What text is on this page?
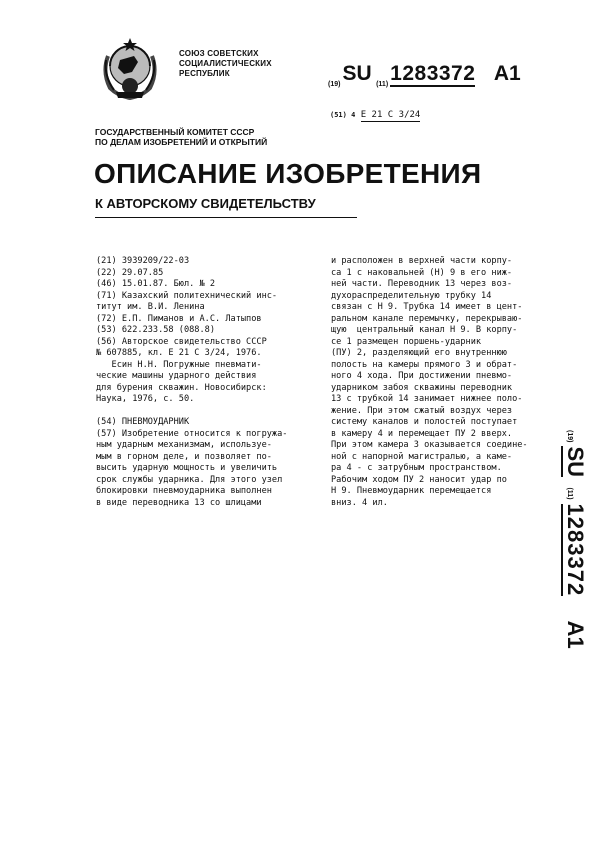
СОЮЗ СОВЕТСКИХ
СОЦИАЛИСТИЧЕСКИХ
РЕСПУБЛИК
$_{(19)}$SU $_{(11)}$1283372 A1
(51) 4 Е 21 С 3/24
ГОСУДАРСТВЕННЫЙ КОМИТЕТ СССР
ПО ДЕЛАМ ИЗОБРЕТЕНИЙ И ОТКРЫТИЙ
ОПИСАНИЕ ИЗОБРЕТЕНИЯ
К АВТОРСКОМУ СВИДЕТЕЛЬСТВУ
(21) 3939209/22-03
(22) 29.07.85
(46) 15.01.87. Бюл. № 2
(71) Казахский политехнический инс-
титут им. В.И. Ленина
(72) Е.П. Пиманов и А.С. Латыпов
(53) 622.233.58 (088.8)
(56) Авторское свидетельство СССР
№ 607885, кл. Е 21 С 3/24, 1976.
Есин Н.Н. Погружные пневмати-
ческие машины ударного действия
для бурения скважин. Новосибирск:
Наука, 1976, с. 50.
(54) ПНЕВМОУДАРНИК
(57) Изобретение относится к погружа-
ным ударным механизмам, используе-
мым в горном деле, и позволяет по-
высить ударную мощность и увеличить
срок службы ударника. Для этого узел
блокировки пневмоударника выполнен
в виде переводника 13 со шлицами
и расположен в верхней части корпу-
са 1 с наковальней (Н) 9 в его ниж-
ней части. Переводник 13 через воз-
духораспределительную трубку 14
связан с Н 9. Трубка 14 имеет в цент-
ральном канале перемычку, перекрываю-
щую  центральный канал Н 9. В корпу-
се 1 размещен поршень-ударник
(ПУ) 2, разделяющий его внутреннюю
полость на камеры прямого 3 и обрат-
ного 4 хода. При достижении пневмо-
ударником забоя скважины переводник
13 с трубкой 14 занимает нижнее поло-
жение. При этом сжатый воздух через
систему каналов и полостей поступает
в камеру 4 и перемещает ПУ 2 вверх.
При этом камера 3 оказывается соедине-
ной с напорной магистралью, а каме-
ра 4 - с затрубным пространством.
Рабочим ходом ПУ 2 наносит удар по
Н 9. Пневмоударник перемещается
вниз. 4 ил.
(19)SU (11)1283372 A1
